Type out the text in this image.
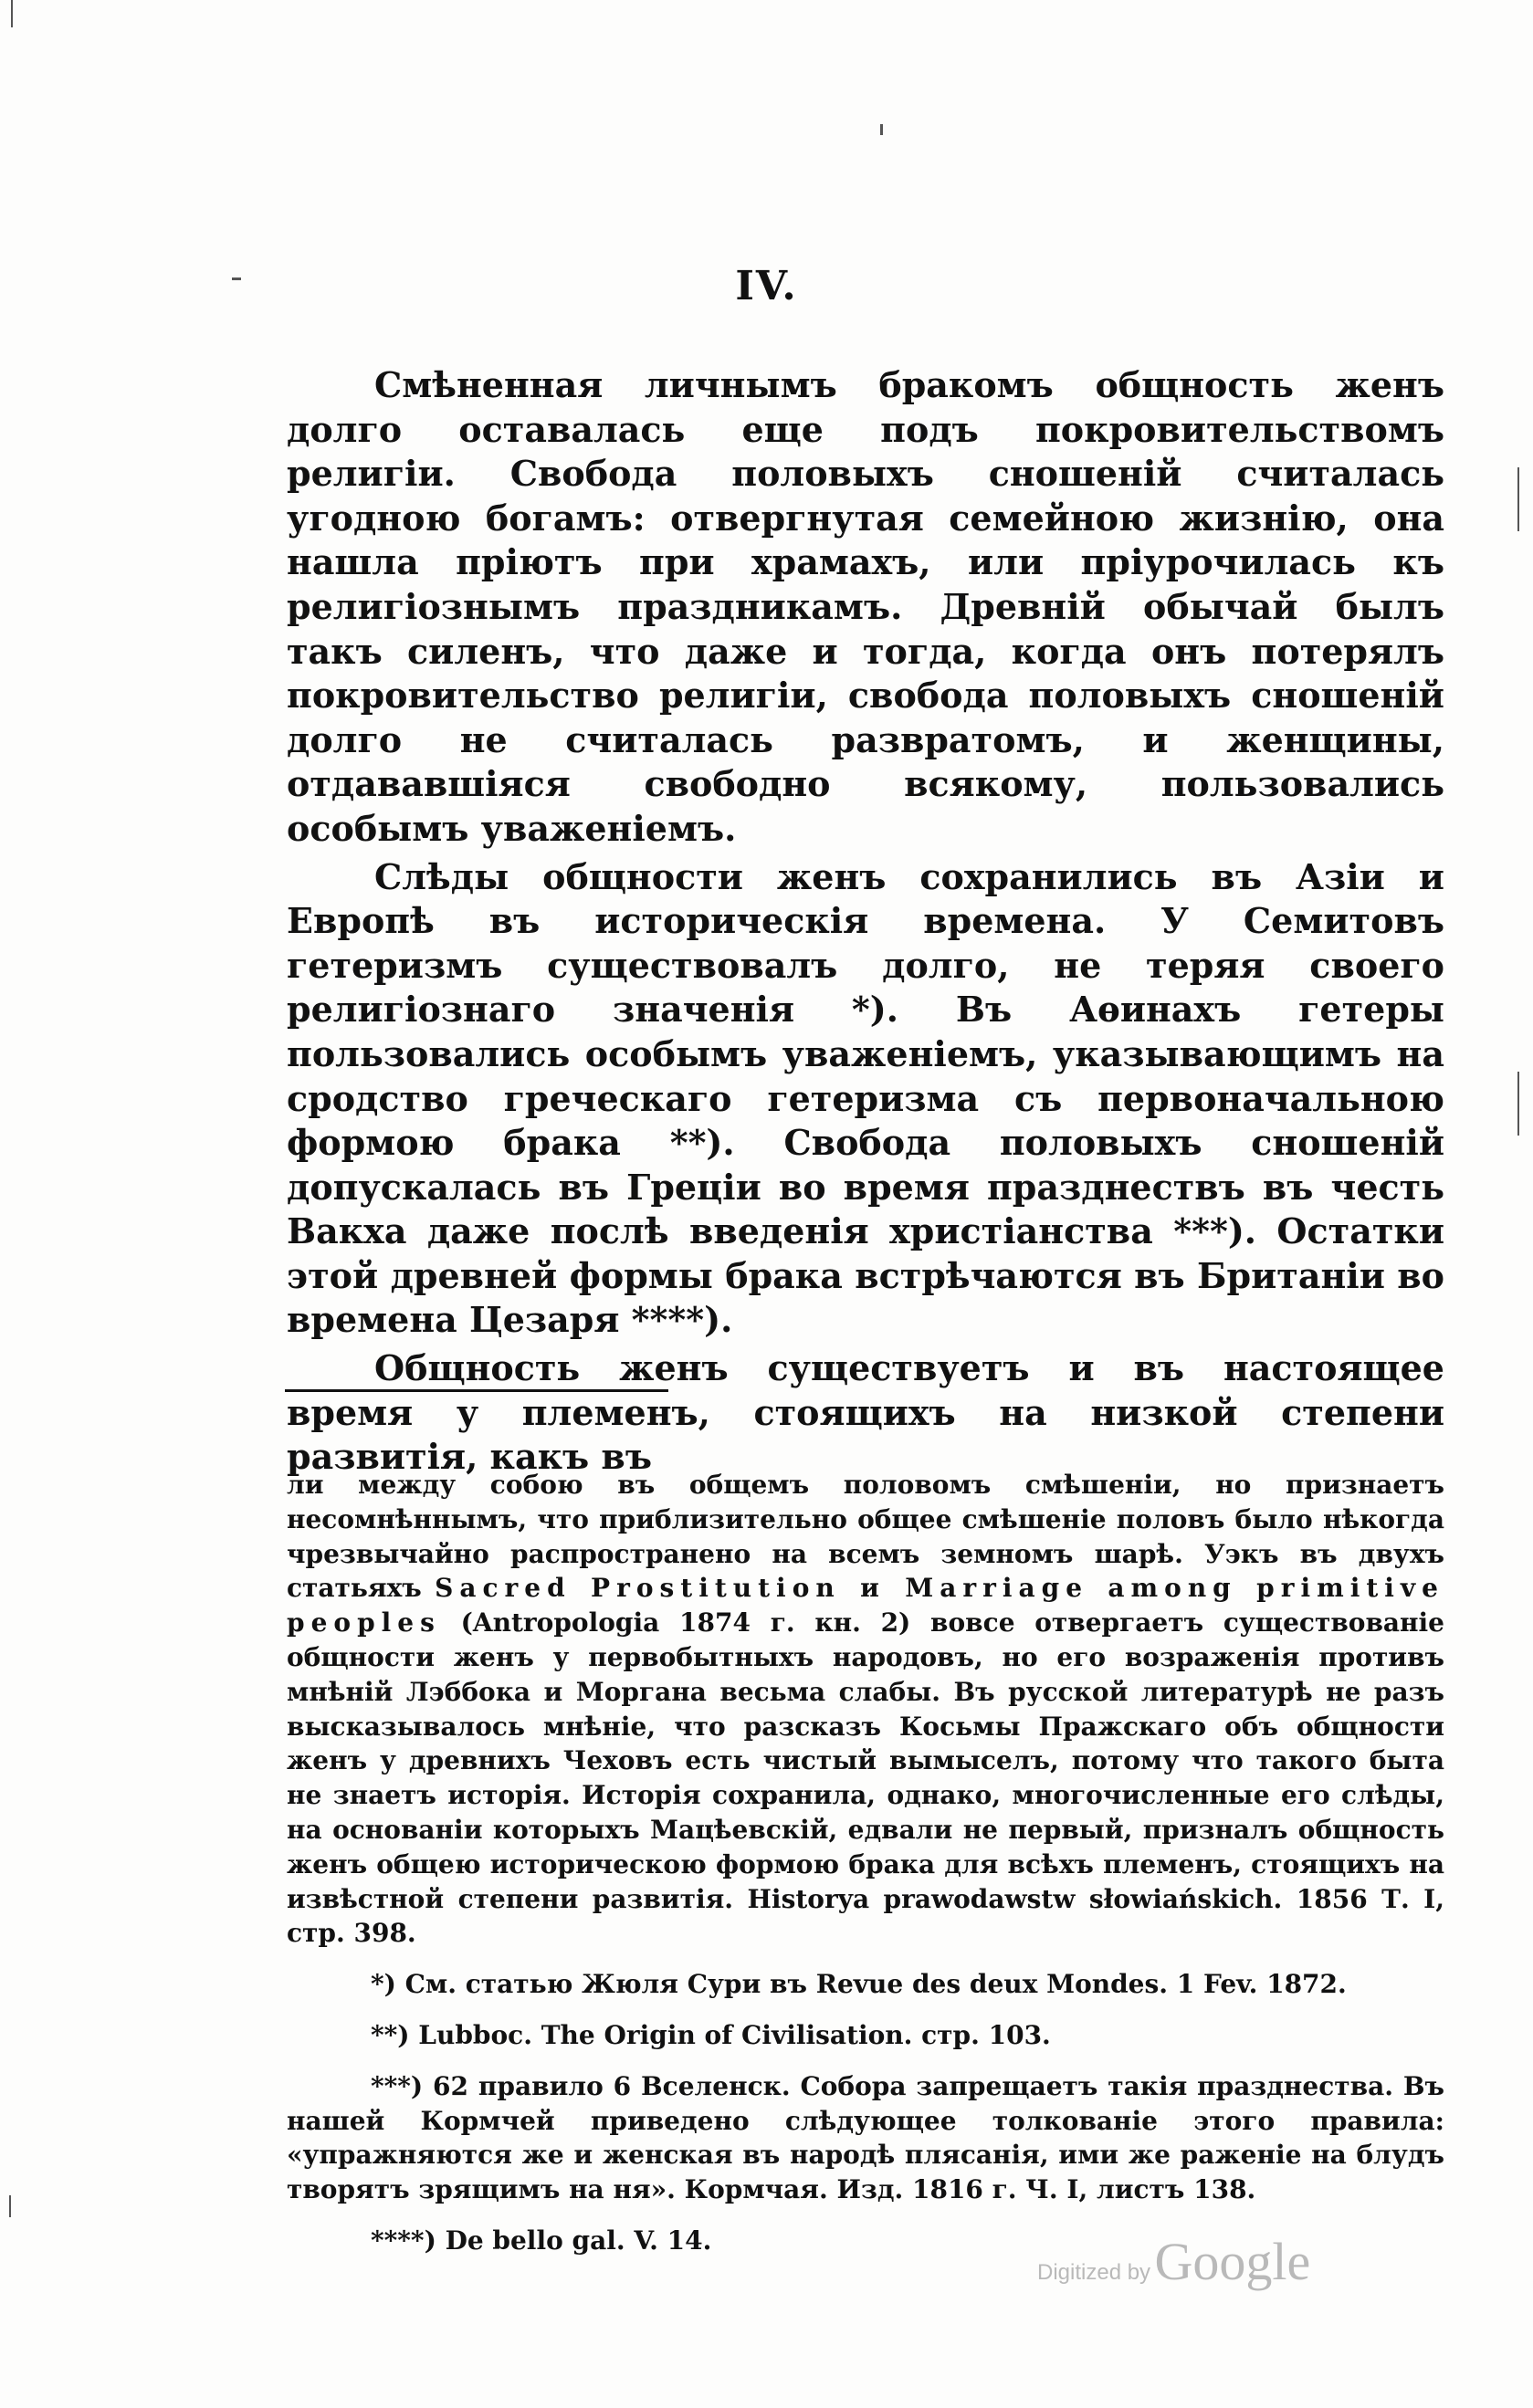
IV.

Смѣненная личнымъ бракомъ общность женъ долго оставалась еще подъ покровительствомъ религіи. Свобода половыхъ сношеній считалась угодною богамъ: отвергнутая семейною жизнію, она нашла пріютъ при храмахъ, или пріурочилась къ религіознымъ праздникамъ. Древній обычай былъ такъ силенъ, что даже и тогда, когда онъ потерялъ покровительство религіи, свобода половыхъ сношеній долго не считалась развратомъ, и женщины, отдававшіяся свободно всякому, пользовались особымъ уваженіемъ.

Слѣды общности женъ сохранились въ Азіи и Европѣ въ историческія времена. У Семитовъ гетеризмъ существовалъ долго, не теряя своего религіознаго значенія *). Въ Аѳинахъ гетеры пользовались особымъ уваженіемъ, указывающимъ на сродство греческаго гетеризма съ первоначальною формою брака **). Свобода половыхъ сношеній допускалась въ Греціи во время празднествъ въ честь Вакха даже послѣ введенія христіанства ***). Остатки этой древней формы брака встрѣчаются въ Британіи во времена Цезаря ****).

Общность женъ существуетъ и въ настоящее время у племенъ, стоящихъ на низкой степени развитія, какъ въ

ли между собою въ общемъ половомъ смѣшеніи, но признаетъ несомнѣннымъ, что приблизительно общее смѣшеніе половъ было нѣкогда чрезвычайно распространено на всемъ земномъ шарѣ. Уэкъ въ двухъ статьяхъ Sacred Prostitution и Marriage among primitive peoples (Antropologia 1874 г. кн. 2) вовсе отвергаетъ существованіе общности женъ у первобытныхъ народовъ, но его возраженія противъ мнѣній Лэббока и Моргана весьма слабы. Въ русской литературѣ не разъ высказывалось мнѣніе, что разсказъ Косьмы Пражскаго объ общности женъ у древнихъ Чеховъ есть чистый вымыселъ, потому что такого быта не знаетъ исторія. Исторія сохранила, однако, многочисленные его слѣды, на основаніи которыхъ Мацѣевскій, едвали не первый, призналъ общность женъ общею историческою формою брака для всѣхъ племенъ, стоящихъ на извѣстной степени развитія. Historya prawodawstw słowiańskich. 1856 Т. I, стр. 398.

*) См. статью Жюля Сури въ Revue des deux Mondes. 1 Fev. 1872.

**) Lubboc. The Origin of Civilisation. стр. 103.

***) 62 правило 6 Вселенск. Собора запрещаетъ такія празднества. Въ нашей Кормчей приведено слѣдующее толкованіе этого правила: «упражняются же и женская въ народѣ плясанія, ими же раженіе на блудъ творятъ зрящимъ на ня». Кормчая. Изд. 1816 г. Ч. I, листъ 138.

****) De bello gal. V. 14.

Digitized by Google
